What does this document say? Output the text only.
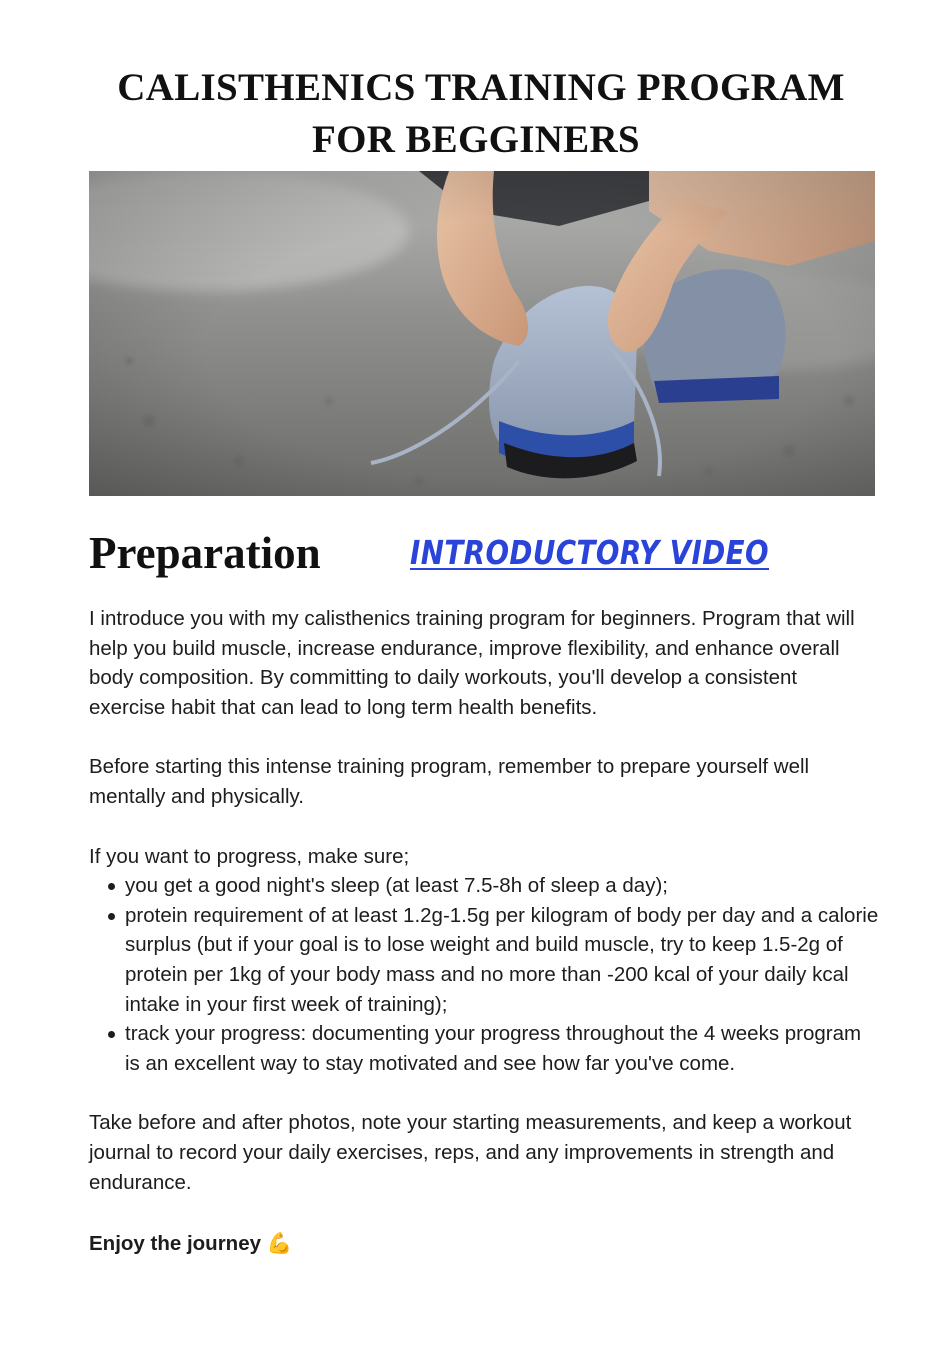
CALISTHENICS TRAINING PROGRAM
FOR BEGGINERS
Preparation	INTRODUCTORY VIDEO

I introduce you with my calisthenics training program for beginners. Program that will help you build muscle, increase endurance, improve flexibility, and enhance overall body composition. By committing to daily workouts, you'll develop a consistent exercise habit that can lead to long term health benefits.

Before starting this intense training program, remember to prepare yourself well mentally and physically.

If you want to progress, make sure;

you get a good night's sleep (at least 7.5-8h of sleep a day);
protein requirement of at least 1.2g-1.5g per kilogram of body per day and a calorie surplus (but if your goal is to lose weight and build muscle, try to keep 1.5-2g of protein per 1kg of your body mass and no more than -200 kcal of your daily kcal intake in your first week of training);
track your progress: documenting your progress throughout the 4 weeks program is an excellent way to stay motivated and see how far you've come.

Take before and after photos, note your starting measurements, and keep a workout journal to record your daily exercises, reps, and any improvements in strength and endurance.

Enjoy the journey 💪
